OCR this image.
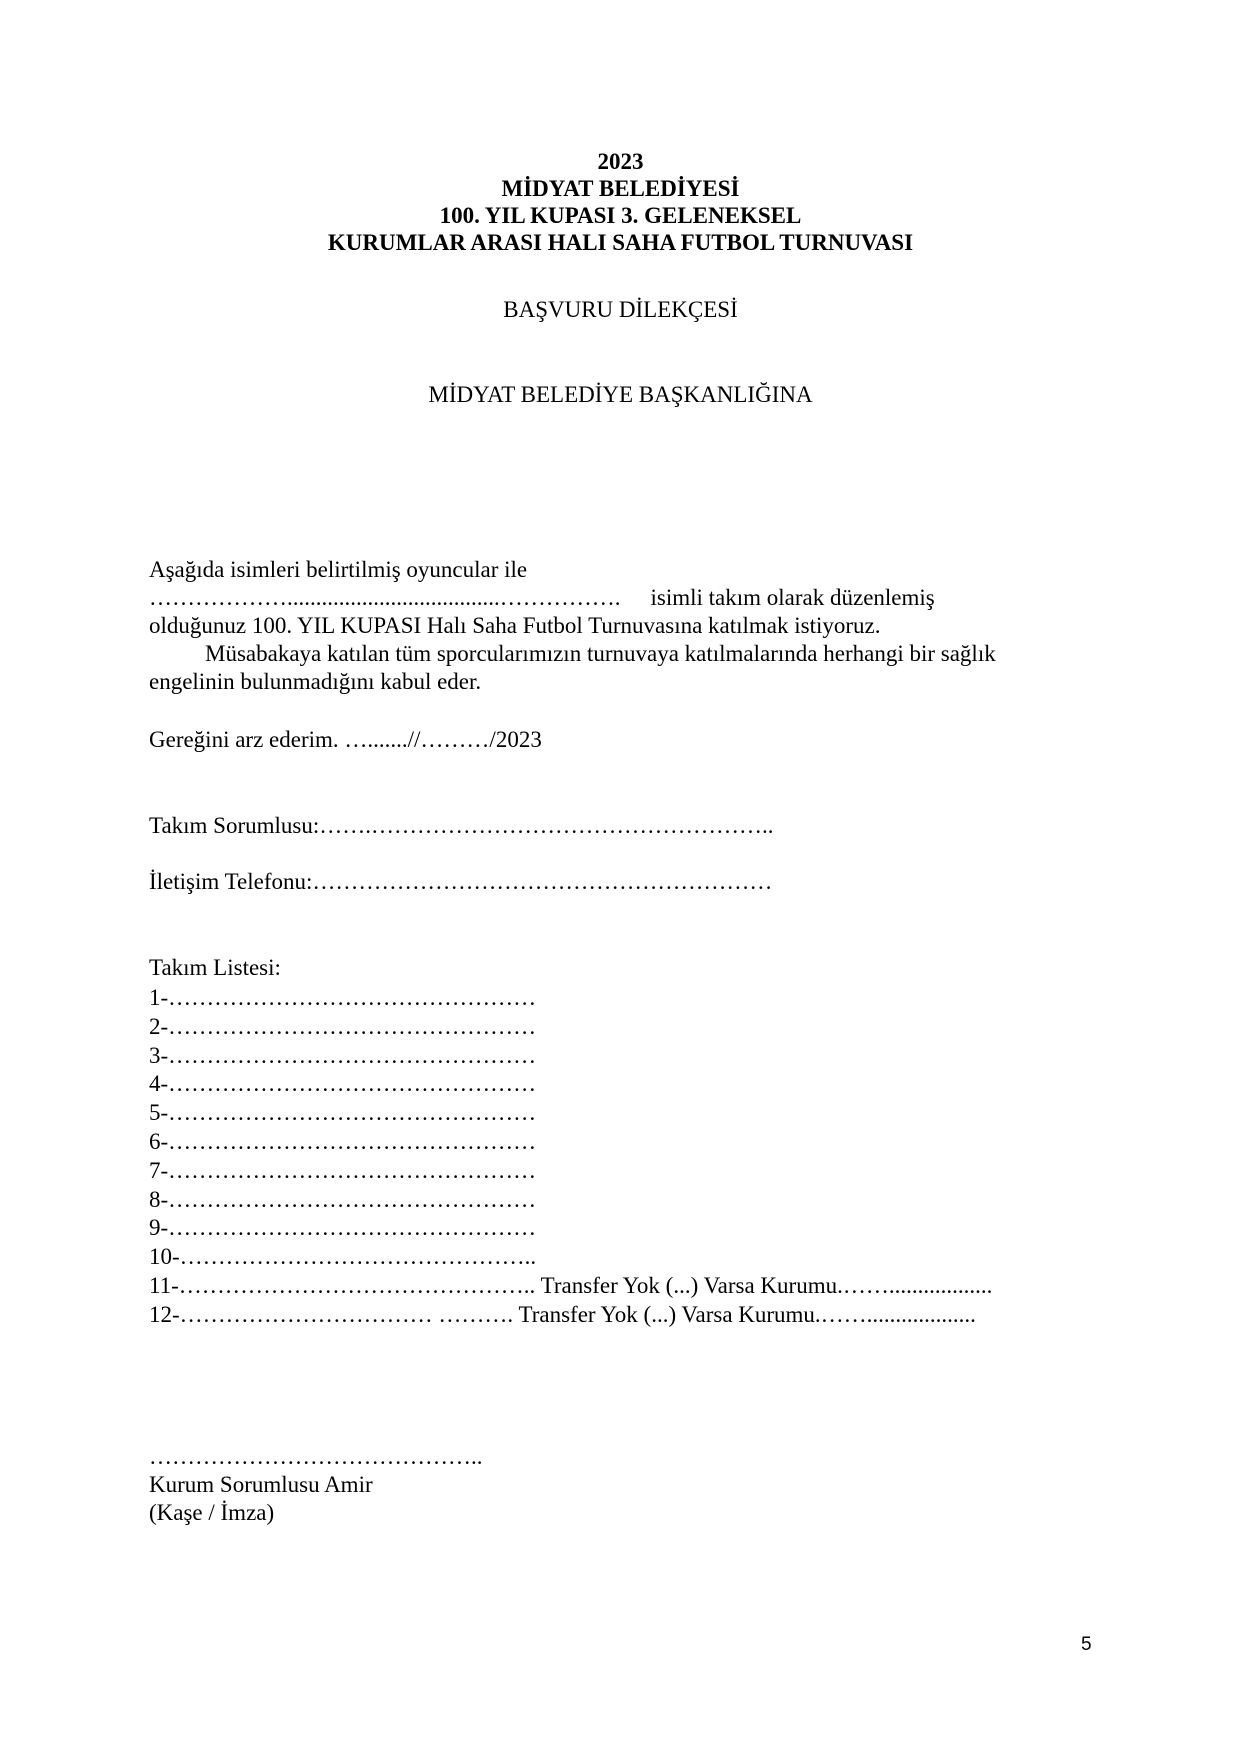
2023
MİDYAT BELEDİYESİ
100. YIL KUPASI 3. GELENEKSEL
KURUMLAR ARASI HALI SAHA FUTBOL TURNUVASI
BAŞVURU DİLEKÇESİ
MİDYAT BELEDİYE BAŞKANLIĞINA
Aşağıda isimleri belirtilmiş oyuncular ile
……………….....................................……………. isimli takım olarak düzenlemiş
olduğunuz 100. YIL KUPASI Halı Saha Futbol Turnuvasına katılmak istiyoruz.
Müsabakaya katılan tüm sporcularımızın turnuvaya katılmalarında herhangi bir sağlık
engelinin bulunmadığını kabul eder.
Gereğini arz ederim. ….......//………/2023
Takım Sorumlusu:…….……………………………………………..
İletişim Telefonu:……………………………………………………
Takım Listesi:
1-…………………………………………
2-…………………………………………
3-…………………………………………
4-…………………………………………
5-…………………………………………
6-…………………………………………
7-…………………………………………
8-…………………………………………
9-…………………………………………
10-………………………………………..
11-……………………………………….. Transfer Yok (...) Varsa Kurumu.……..................
12-…………………………… ………. Transfer Yok (...) Varsa Kurumu.……...................
……………………………………..
Kurum Sorumlusu Amir
(Kaşe / İmza)
5
